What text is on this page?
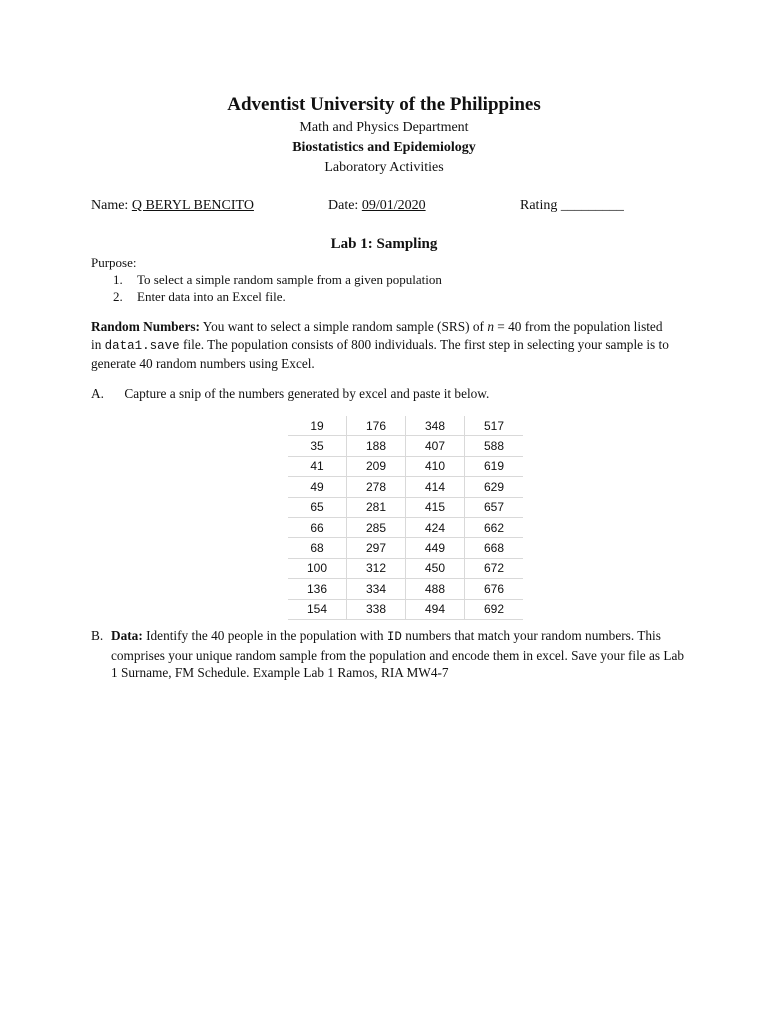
Adventist University of the Philippines
Math and Physics Department
Biostatistics and Epidemiology
Laboratory Activities
Name: Q BERYL BENCITO	Date: 09/01/2020	Rating _________
Lab 1: Sampling
Purpose:
1. To select a simple random sample from a given population
2. Enter data into an Excel file.
Random Numbers: You want to select a simple random sample (SRS) of n = 40 from the population listed in data1.save file. The population consists of 800 individuals. The first step in selecting your sample is to generate 40 random numbers using Excel.
A. Capture a snip of the numbers generated by excel and paste it below.
19	176	348	517
35	188	407	588
41	209	410	619
49	278	414	629
65	281	415	657
66	285	424	662
68	297	449	668
100	312	450	672
136	334	488	676
154	338	494	692
B. Data: Identify the 40 people in the population with ID numbers that match your random numbers. This comprises your unique random sample from the population and encode them in excel. Save your file as Lab 1 Surname, FM Schedule. Example Lab 1 Ramos, RIA MW4-7
